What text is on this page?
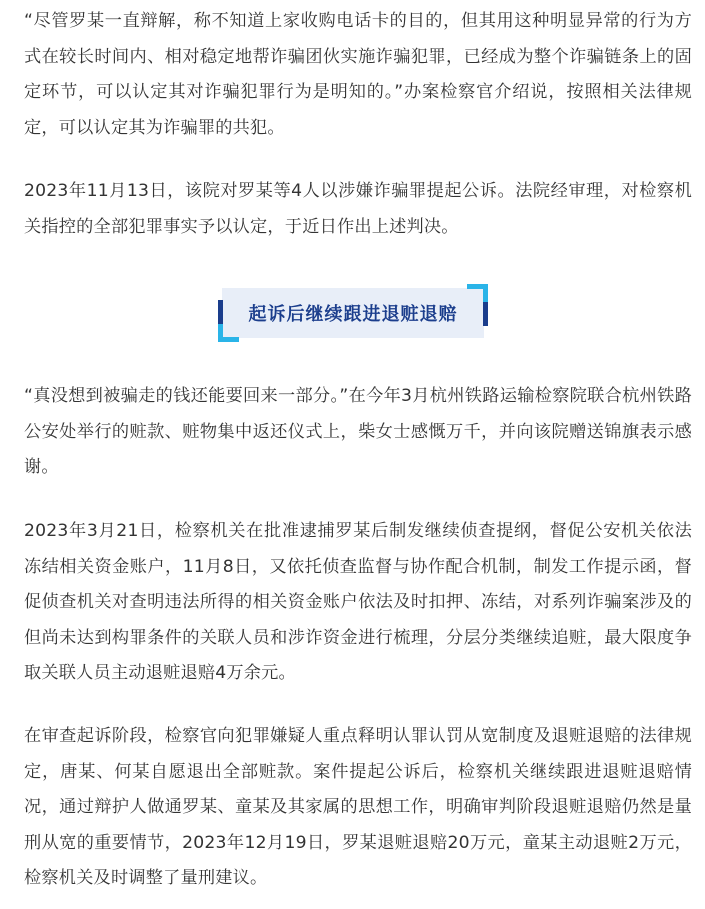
“尽管罗某一直辩解，称不知道上家收购电话卡的目的，但其用这种明显异常的行为方式在较长时间内、相对稳定地帮诈骗团伙实施诈骗犯罪，已经成为整个诈骗链条上的固定环节，可以认定其对诈骗犯罪行为是明知的。”办案检察官介绍说，按照相关法律规定，可以认定其为诈骗罪的共犯。

2023年11月13日，该院对罗某等4人以涉嫌诈骗罪提起公诉。法院经审理，对检察机关指控的全部犯罪事实予以认定，于近日作出上述判决。

“真没想到被骗走的钱还能要回来一部分。”在今年3月杭州铁路运输检察院联合杭州铁路公安处举行的赃款、赃物集中返还仪式上，柴女士感慨万千，并向该院赠送锦旗表示感谢。

2023年3月21日，检察机关在批准逮捕罗某后制发继续侦查提纲，督促公安机关依法冻结相关资金账户，11月8日，又依托侦查监督与协作配合机制，制发工作提示函，督促侦查机关对查明违法所得的相关资金账户依法及时扣押、冻结，对系列诈骗案涉及的但尚未达到构罪条件的关联人员和涉诈资金进行梳理，分层分类继续追赃，最大限度争取关联人员主动退赃退赔4万余元。

在审查起诉阶段，检察官向犯罪嫌疑人重点释明认罪认罚从宽制度及退赃退赔的法律规定，唐某、何某自愿退出全部赃款。案件提起公诉后，检察机关继续跟进退赃退赔情况，通过辩护人做通罗某、童某及其家属的思想工作，明确审判阶段退赃退赔仍然是量刑从宽的重要情节，2023年12月19日，罗某退赃退赔20万元，童某主动退赃2万元，检察机关及时调整了量刑建议。

起诉后继续跟进退赃退赔
